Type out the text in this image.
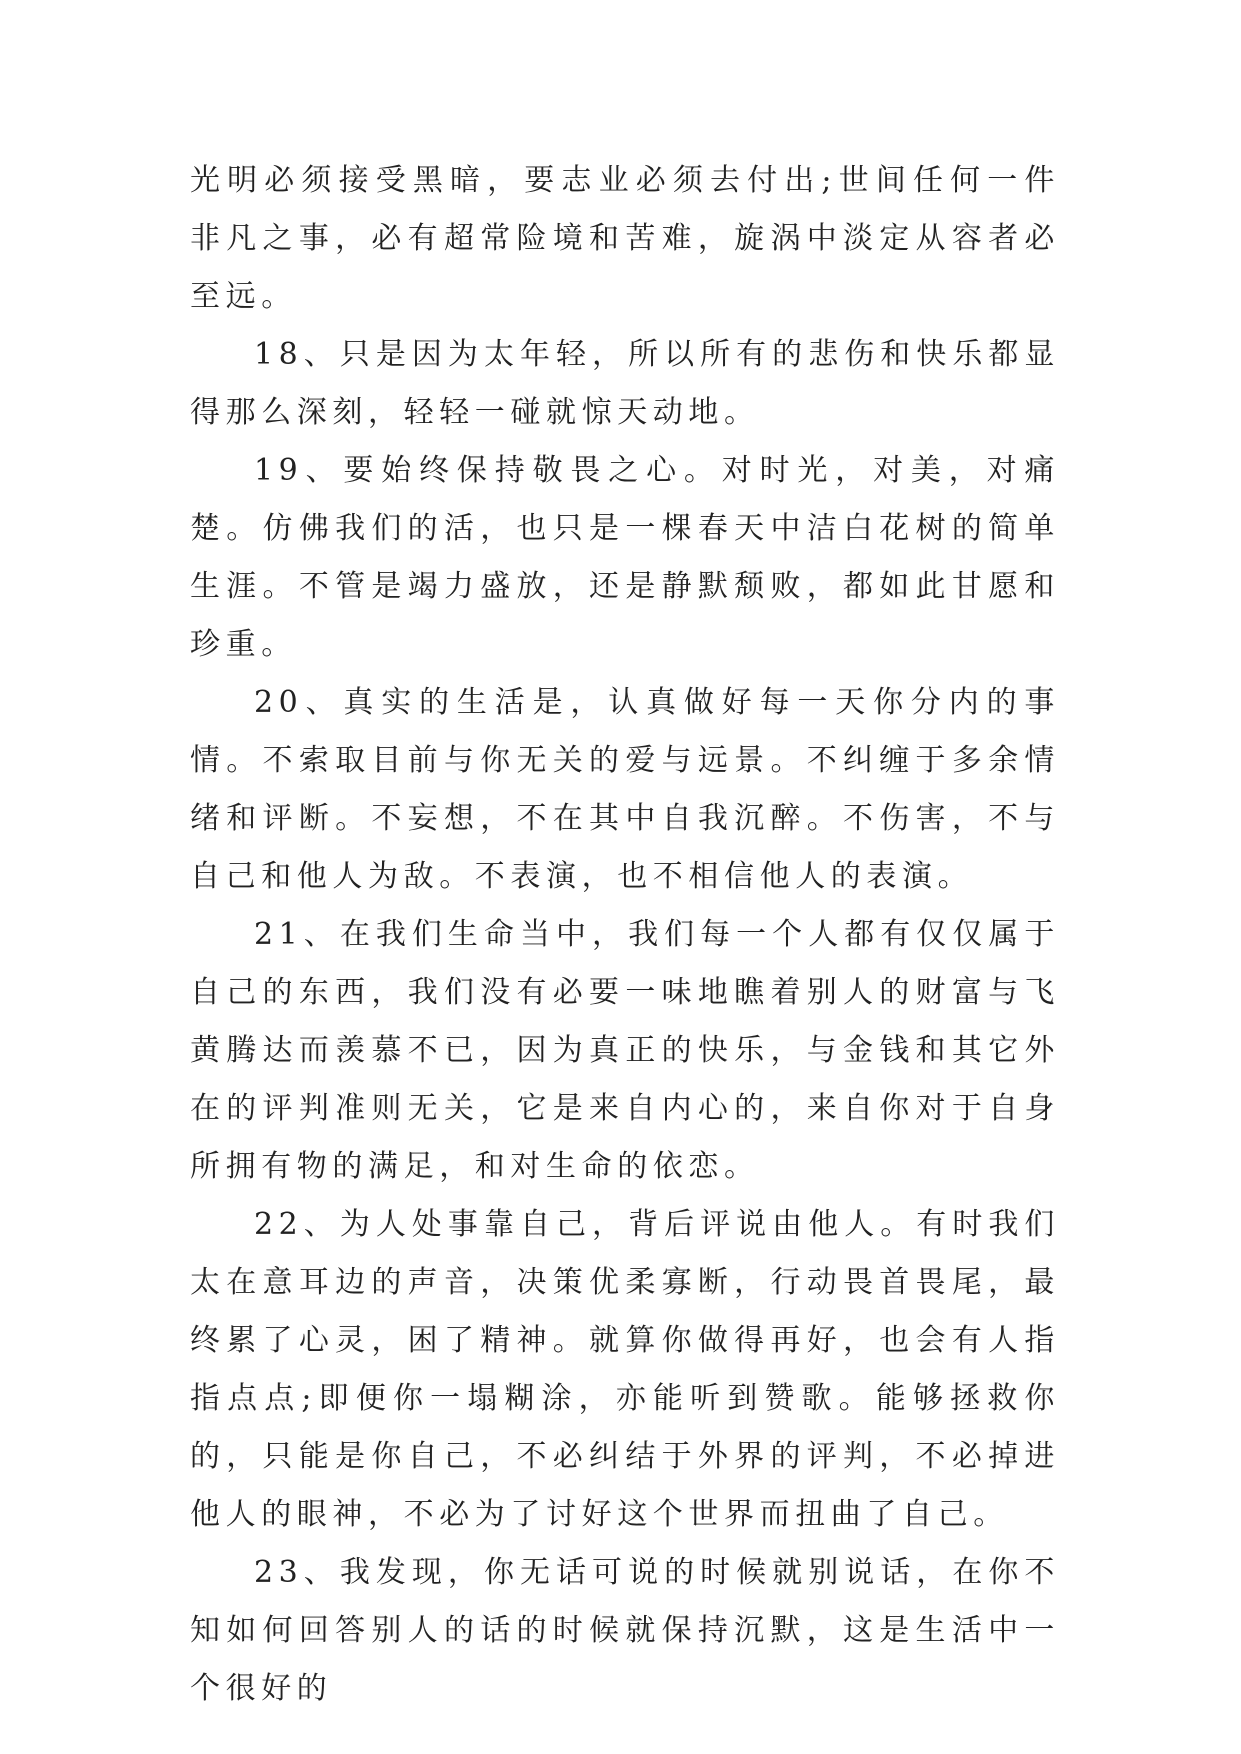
光明必须接受黑暗，要志业必须去付出;世间任何一件非凡之事，必有超常险境和苦难，旋涡中淡定从容者必至远。

18、只是因为太年轻，所以所有的悲伤和快乐都显得那么深刻，轻轻一碰就惊天动地。

19、要始终保持敬畏之心。对时光，对美，对痛楚。仿佛我们的活，也只是一棵春天中洁白花树的简单生涯。不管是竭力盛放，还是静默颓败，都如此甘愿和珍重。

20、真实的生活是，认真做好每一天你分内的事情。不索取目前与你无关的爱与远景。不纠缠于多余情绪和评断。不妄想，不在其中自我沉醉。不伤害，不与自己和他人为敌。不表演，也不相信他人的表演。

21、在我们生命当中，我们每一个人都有仅仅属于自己的东西，我们没有必要一味地瞧着别人的财富与飞黄腾达而羡慕不已，因为真正的快乐，与金钱和其它外在的评判准则无关，它是来自内心的，来自你对于自身所拥有物的满足，和对生命的依恋。

22、为人处事靠自己，背后评说由他人。有时我们太在意耳边的声音，决策优柔寡断，行动畏首畏尾，最终累了心灵，困了精神。就算你做得再好，也会有人指指点点;即便你一塌糊涂，亦能听到赞歌。能够拯救你的，只能是你自己，不必纠结于外界的评判，不必掉进他人的眼神，不必为了讨好这个世界而扭曲了自己。

23、我发现，你无话可说的时候就别说话，在你不知如何回答别人的话的时候就保持沉默，这是生活中一个很好的
